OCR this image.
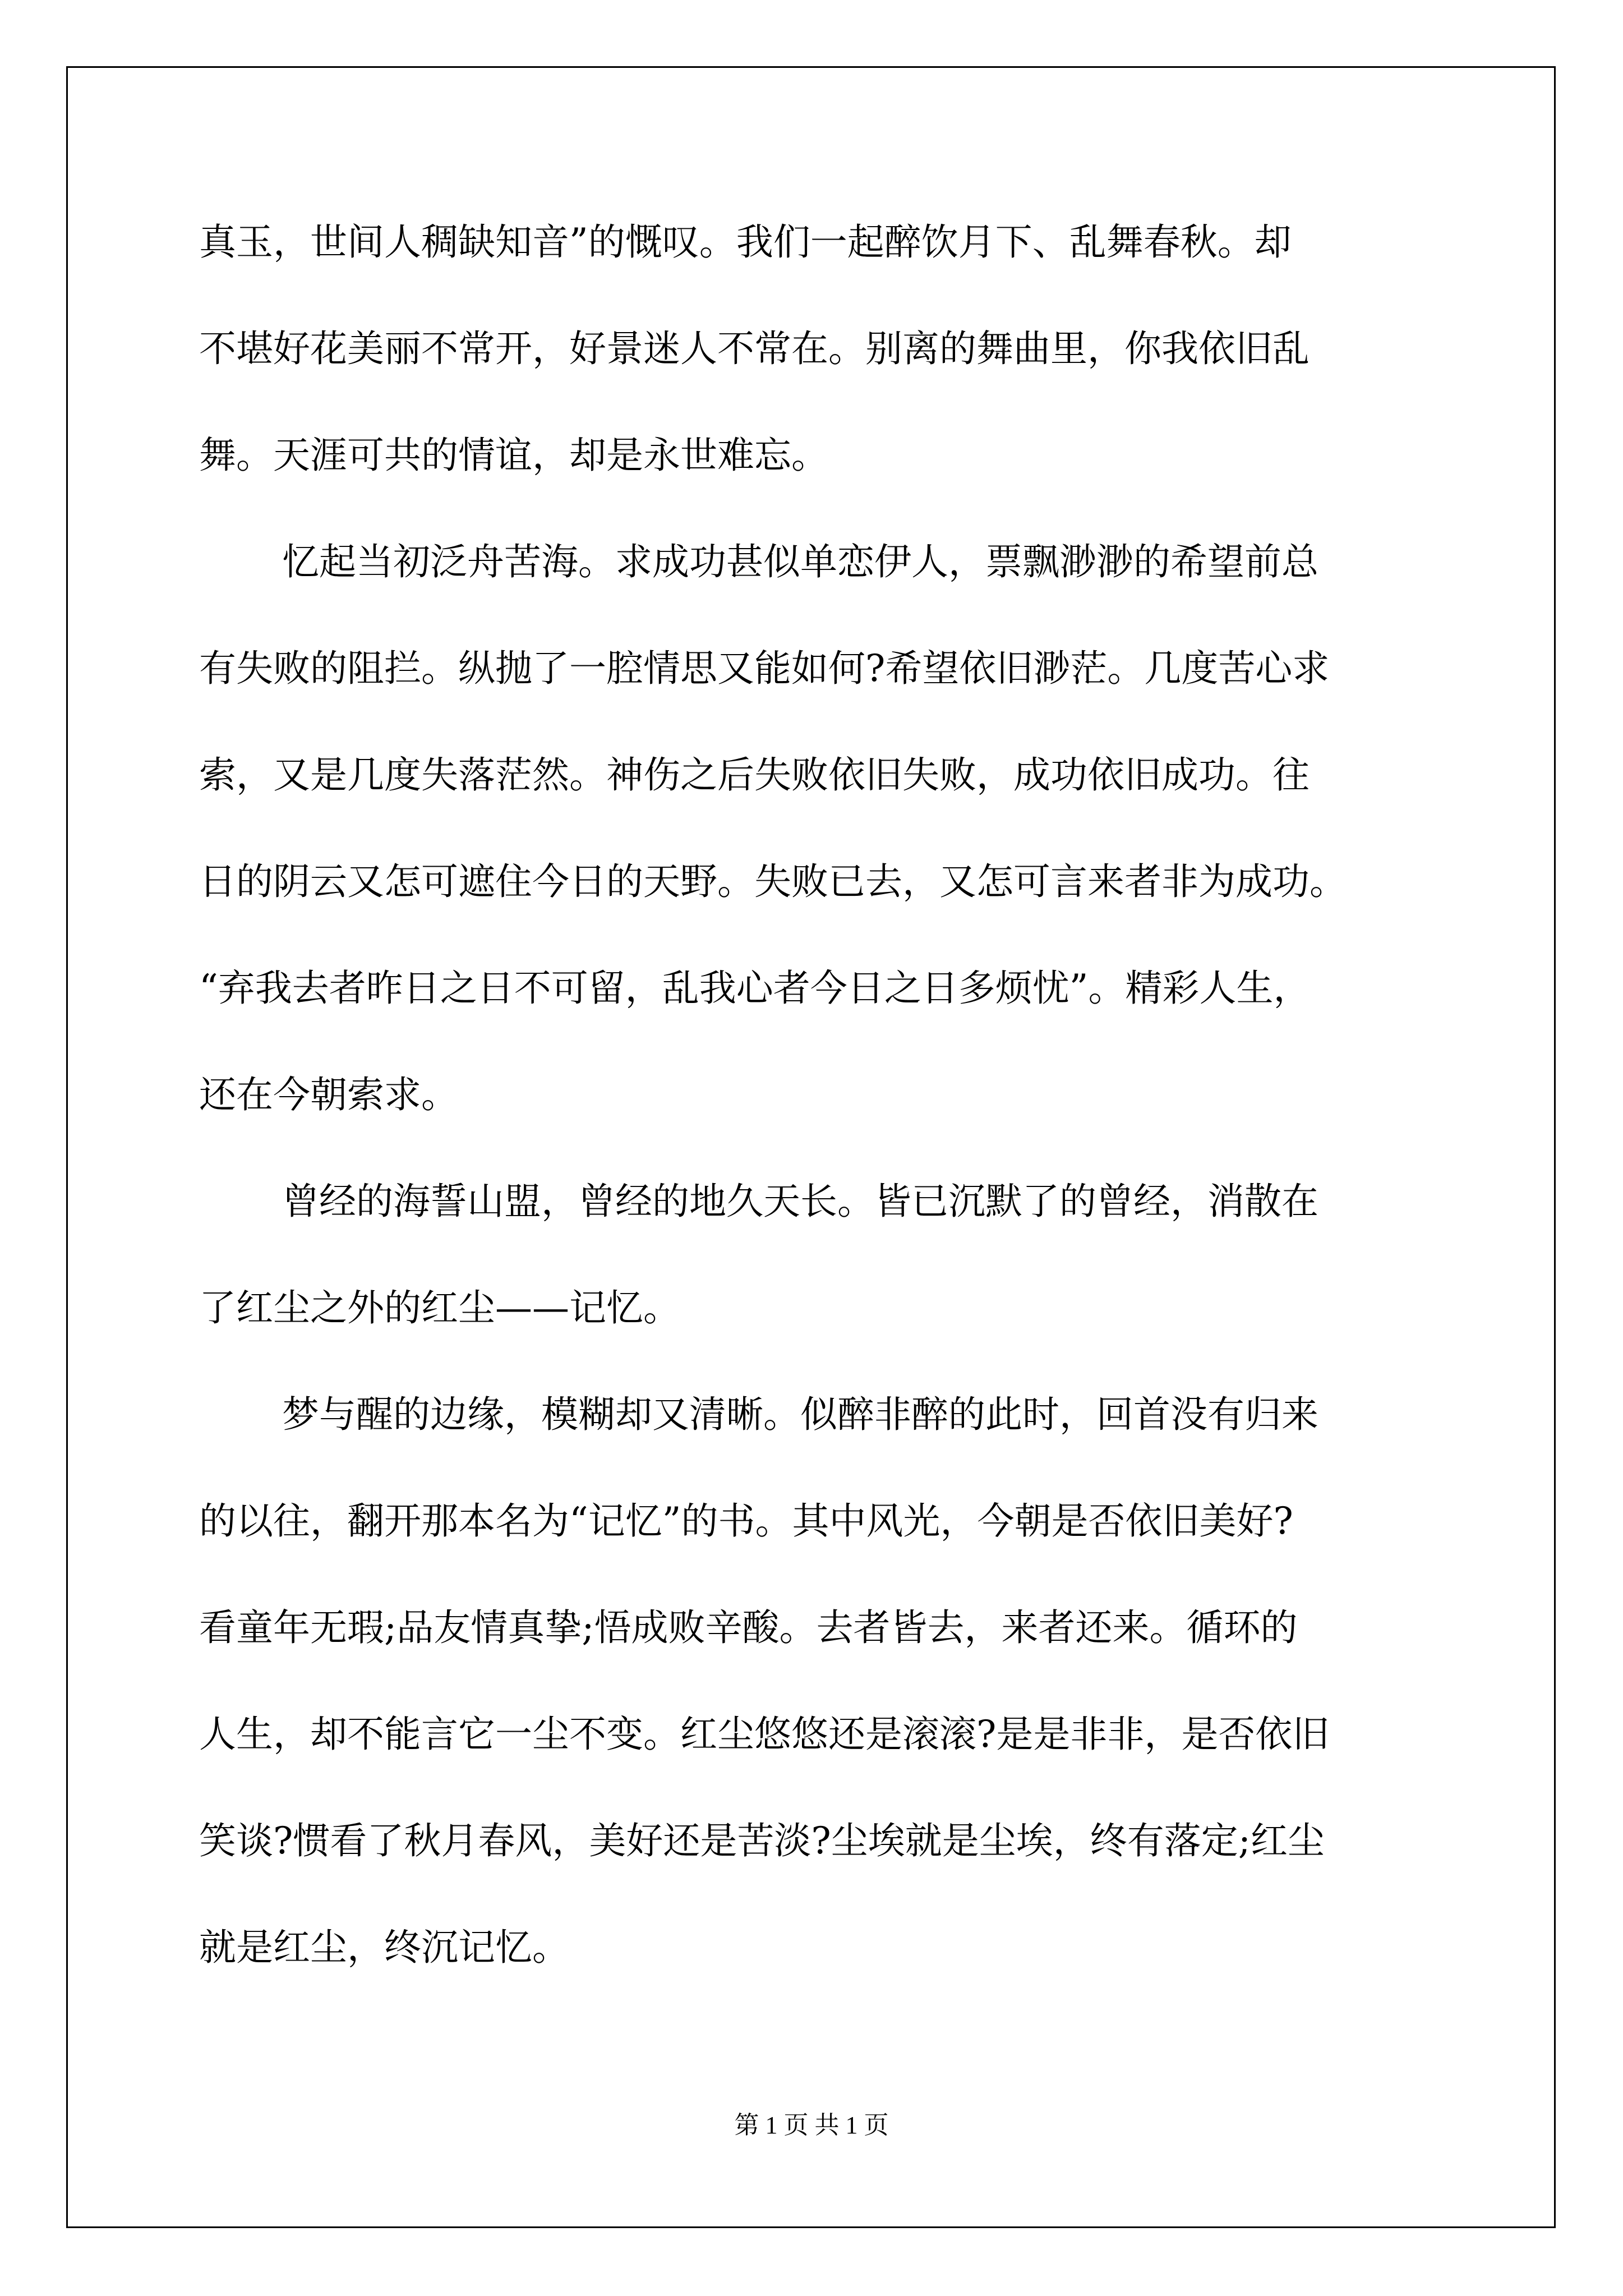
真玉，世间人稠缺知音”的慨叹。我们一起醉饮月下、乱舞春秋。却

不堪好花美丽不常开，好景迷人不常在。别离的舞曲里，你我依旧乱

舞。天涯可共的情谊，却是永世难忘。

忆起当初泛舟苦海。求成功甚似单恋伊人，票飘渺渺的希望前总

有失败的阻拦。纵抛了一腔情思又能如何?希望依旧渺茫。几度苦心求

索，又是几度失落茫然。神伤之后失败依旧失败，成功依旧成功。往

日的阴云又怎可遮住今日的天野。失败已去，又怎可言来者非为成功。

“弃我去者昨日之日不可留，乱我心者今日之日多烦忧”。精彩人生，

还在今朝索求。

曾经的海誓山盟，曾经的地久天长。皆已沉默了的曾经，消散在

了红尘之外的红尘——记忆。

梦与醒的边缘，模糊却又清晰。似醉非醉的此时，回首没有归来

的以往，翻开那本名为“记忆”的书。其中风光，今朝是否依旧美好?

看童年无瑕;品友情真挚;悟成败辛酸。去者皆去，来者还来。循环的

人生，却不能言它一尘不变。红尘悠悠还是滚滚?是是非非，是否依旧

笑谈?惯看了秋月春风，美好还是苦淡?尘埃就是尘埃，终有落定;红尘

就是红尘，终沉记忆。

第 1 页 共 1 页
